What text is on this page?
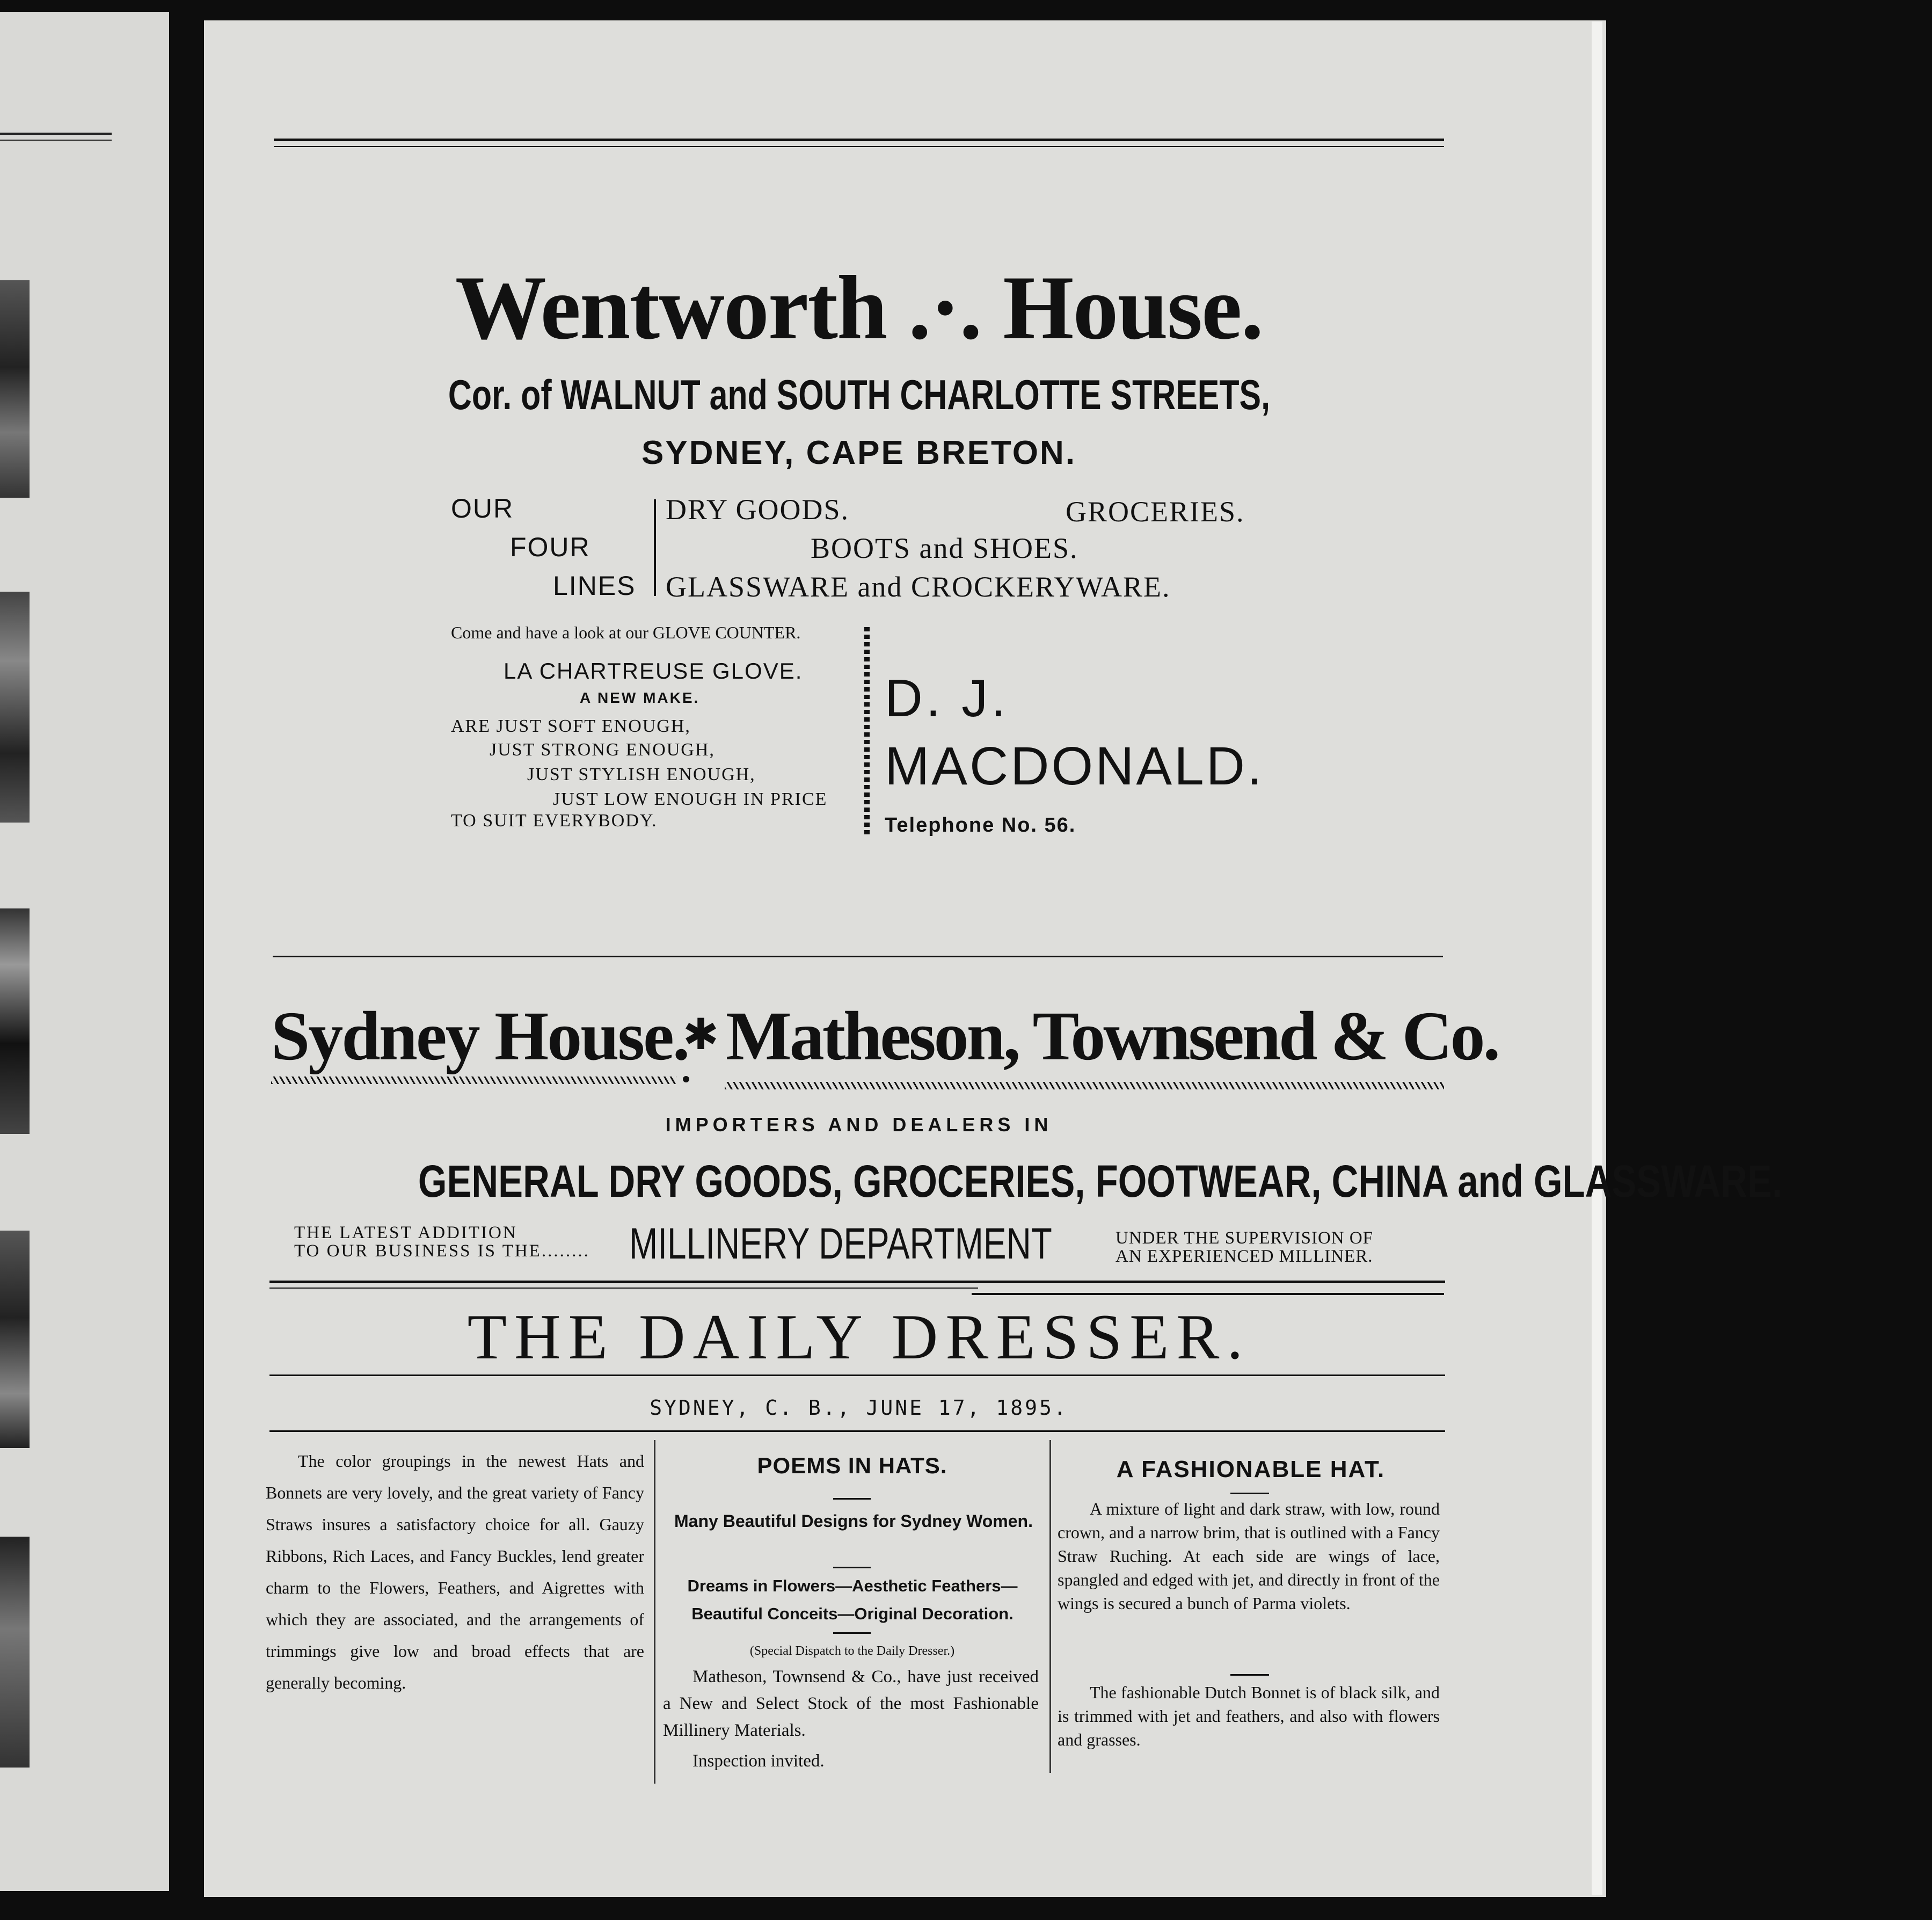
Wentworth .·. House.
Cor. of WALNUT and SOUTH CHARLOTTE STREETS,
SYDNEY, CAPE BRETON.
OUR
FOUR
LINES
DRY GOODS.	GROCERIES.
BOOTS and SHOES.
GLASSWARE and CROCKERYWARE.
Come and have a look at our GLOVE COUNTER.
LA CHARTREUSE GLOVE.
A NEW MAKE.
ARE JUST SOFT ENOUGH,
JUST STRONG ENOUGH,
JUST STYLISH ENOUGH,
JUST LOW ENOUGH IN PRICE
TO SUIT EVERYBODY.
D. J.
MACDONALD.
Telephone No. 56.
Sydney House.
✱ Matheson, Townsend & Co.
IMPORTERS AND DEALERS IN
GENERAL DRY GOODS, GROCERIES, FOOTWEAR, CHINA and GLASSWARE.
THE LATEST ADDITION
TO OUR BUSINESS IS THE........ MILLINERY DEPARTMENT	UNDER THE SUPERVISION OF
AN EXPERIENCED MILLINER.
THE DAILY DRESSER.
SYDNEY, C. B., JUNE 17, 1895.
The color groupings in the newest Hats and Bonnets are very lovely, and the great variety of Fancy Straws insures a satisfactory choice for all. Gauzy Ribbons, Rich Laces, and Fancy Buckles, lend greater charm to the Flowers, Feathers, and Aigrettes with which they are associated, and the arrangements of trimmings give low and broad effects that are generally becoming.
POEMS IN HATS.
Many Beautiful Designs for Sydney Women.
Dreams in Flowers—Aesthetic Feathers—Beautiful Conceits—Original Decoration.
(Special Dispatch to the Daily Dresser.)
Matheson, Townsend & Co., have just received a New and Select Stock of the most Fashionable Millinery Materials.
Inspection invited.
A FASHIONABLE HAT.
A mixture of light and dark straw, with low, round crown, and a narrow brim, that is outlined with a Fancy Straw Ruching. At each side are wings of lace, spangled and edged with jet, and directly in front of the wings is secured a bunch of Parma violets.
The fashionable Dutch Bonnet is of black silk, and is trimmed with jet and feathers, and also with flowers and grasses.
